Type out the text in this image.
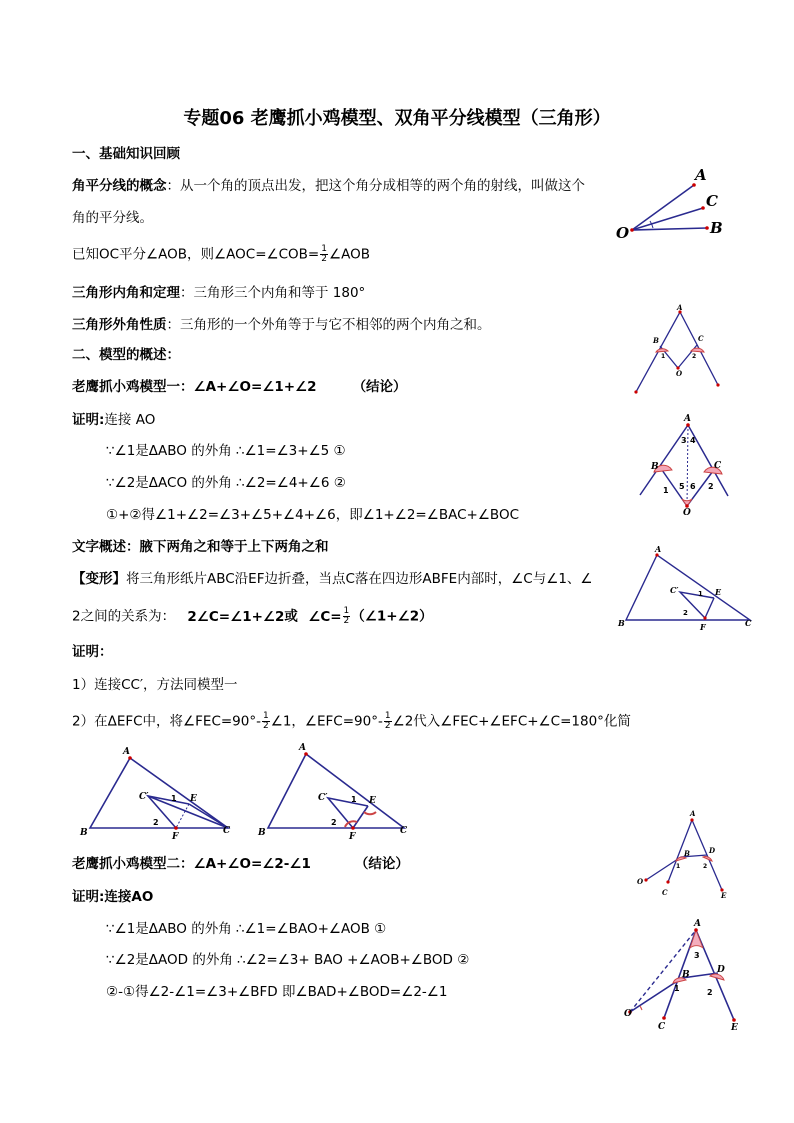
专题06 老鹰抓小鸡模型、双角平分线模型（三角形）
一、基础知识回顾
角平分线的概念：从一个角的顶点出发，把这个角分成相等的两个角的射线，叫做这个
角的平分线。
已知OC平分∠AOB，则∠AOC=∠COB= $\frac{1}{2}$ ∠AOB
三角形内角和定理：三角形三个内角和等于 180°
三角形外角性质：三角形的一个外角等于与它不相邻的两个内角之和。
二、模型的概述：
老鹰抓小鸡模型一：∠A+∠O=∠1+∠2	（结论）
证明:连接 AO
∵∠1是ΔABO 的外角 ∴∠1=∠3+∠5 ①
∵∠2是ΔACO 的外角 ∴∠2=∠4+∠6 ②
①+②得∠1+∠2=∠3+∠5+∠4+∠6，即∠1+∠2=∠BAC+∠BOC
文字概述：腋下两角之和等于上下两角之和
【变形】将三角形纸片ABC沿EF边折叠，当点C落在四边形ABFE内部时，∠C与∠1、∠
2之间的关系为： 2∠C=∠1+∠2或 ∠C= $\frac{1}{2}$ （∠1+∠2）
证明：
1）连接CC′，方法同模型一
2）在ΔEFC中，将∠FEC=90°- $\frac{1}{2}$ ∠1，∠EFC=90°- $\frac{1}{2}$ ∠2代入∠FEC+∠EFC+∠C=180°化简
老鹰抓小鸡模型二：∠A+∠O=∠2-∠1	（结论）
证明:连接AO
∵∠1是ΔABO 的外角 ∴∠1=∠BAO+∠AOB ①
∵∠2是ΔAOD 的外角 ∴∠2=∠3+ BAO +∠AOB+∠BOD ②
②-①得∠2-∠1=∠3+∠BFD 即∠BAD+∠BOD=∠2-∠1
A
C
B
O
A
B	C
O
1	2
A
B	C
O
3 4
1	2
5 6
A
B	C
C′	E
F
1
2
A
B	C
C′	E
F
1
2
A
B	C
C′	E
F
1
2
A
B	D
O
C	E
1	2
A
B	D
O
C	E
3
1	2
